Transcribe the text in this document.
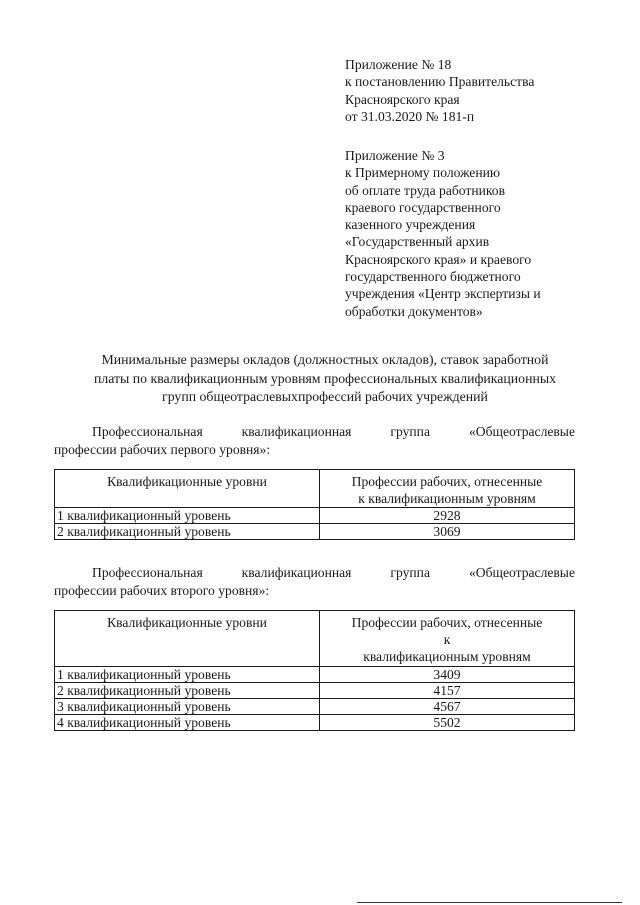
Приложение № 18
к постановлению Правительства
Красноярского края
от 31.03.2020 № 181-п
Приложение № 3
к Примерному положению
об оплате труда работников
краевого государственного
казенного учреждения
«Государственный архив
Красноярского края» и краевого
государственного бюджетного
учреждения «Центр экспертизы и
обработки документов»
Минимальные размеры окладов (должностных окладов), ставок заработной
платы по квалификационным уровням профессиональных квалификационных
групп общеотраслевыхпрофессий рабочих учреждений
Профессиональная	квалификационная	группа	«Общеотраслевые
профессии рабочих первого уровня»:
Квалификационные уровни	Профессии рабочих, отнесенные
к квалификационным уровням

1 квалификационный уровень	2928
2 квалификационный уровень	3069
Профессиональная	квалификационная	группа	«Общеотраслевые
профессии рабочих второго уровня»:
Квалификационные уровни	Профессии рабочих, отнесенные
к
квалификационным уровням

1 квалификационный уровень	3409
2 квалификационный уровень	4157
3 квалификационный уровень	4567
4 квалификационный уровень	5502
